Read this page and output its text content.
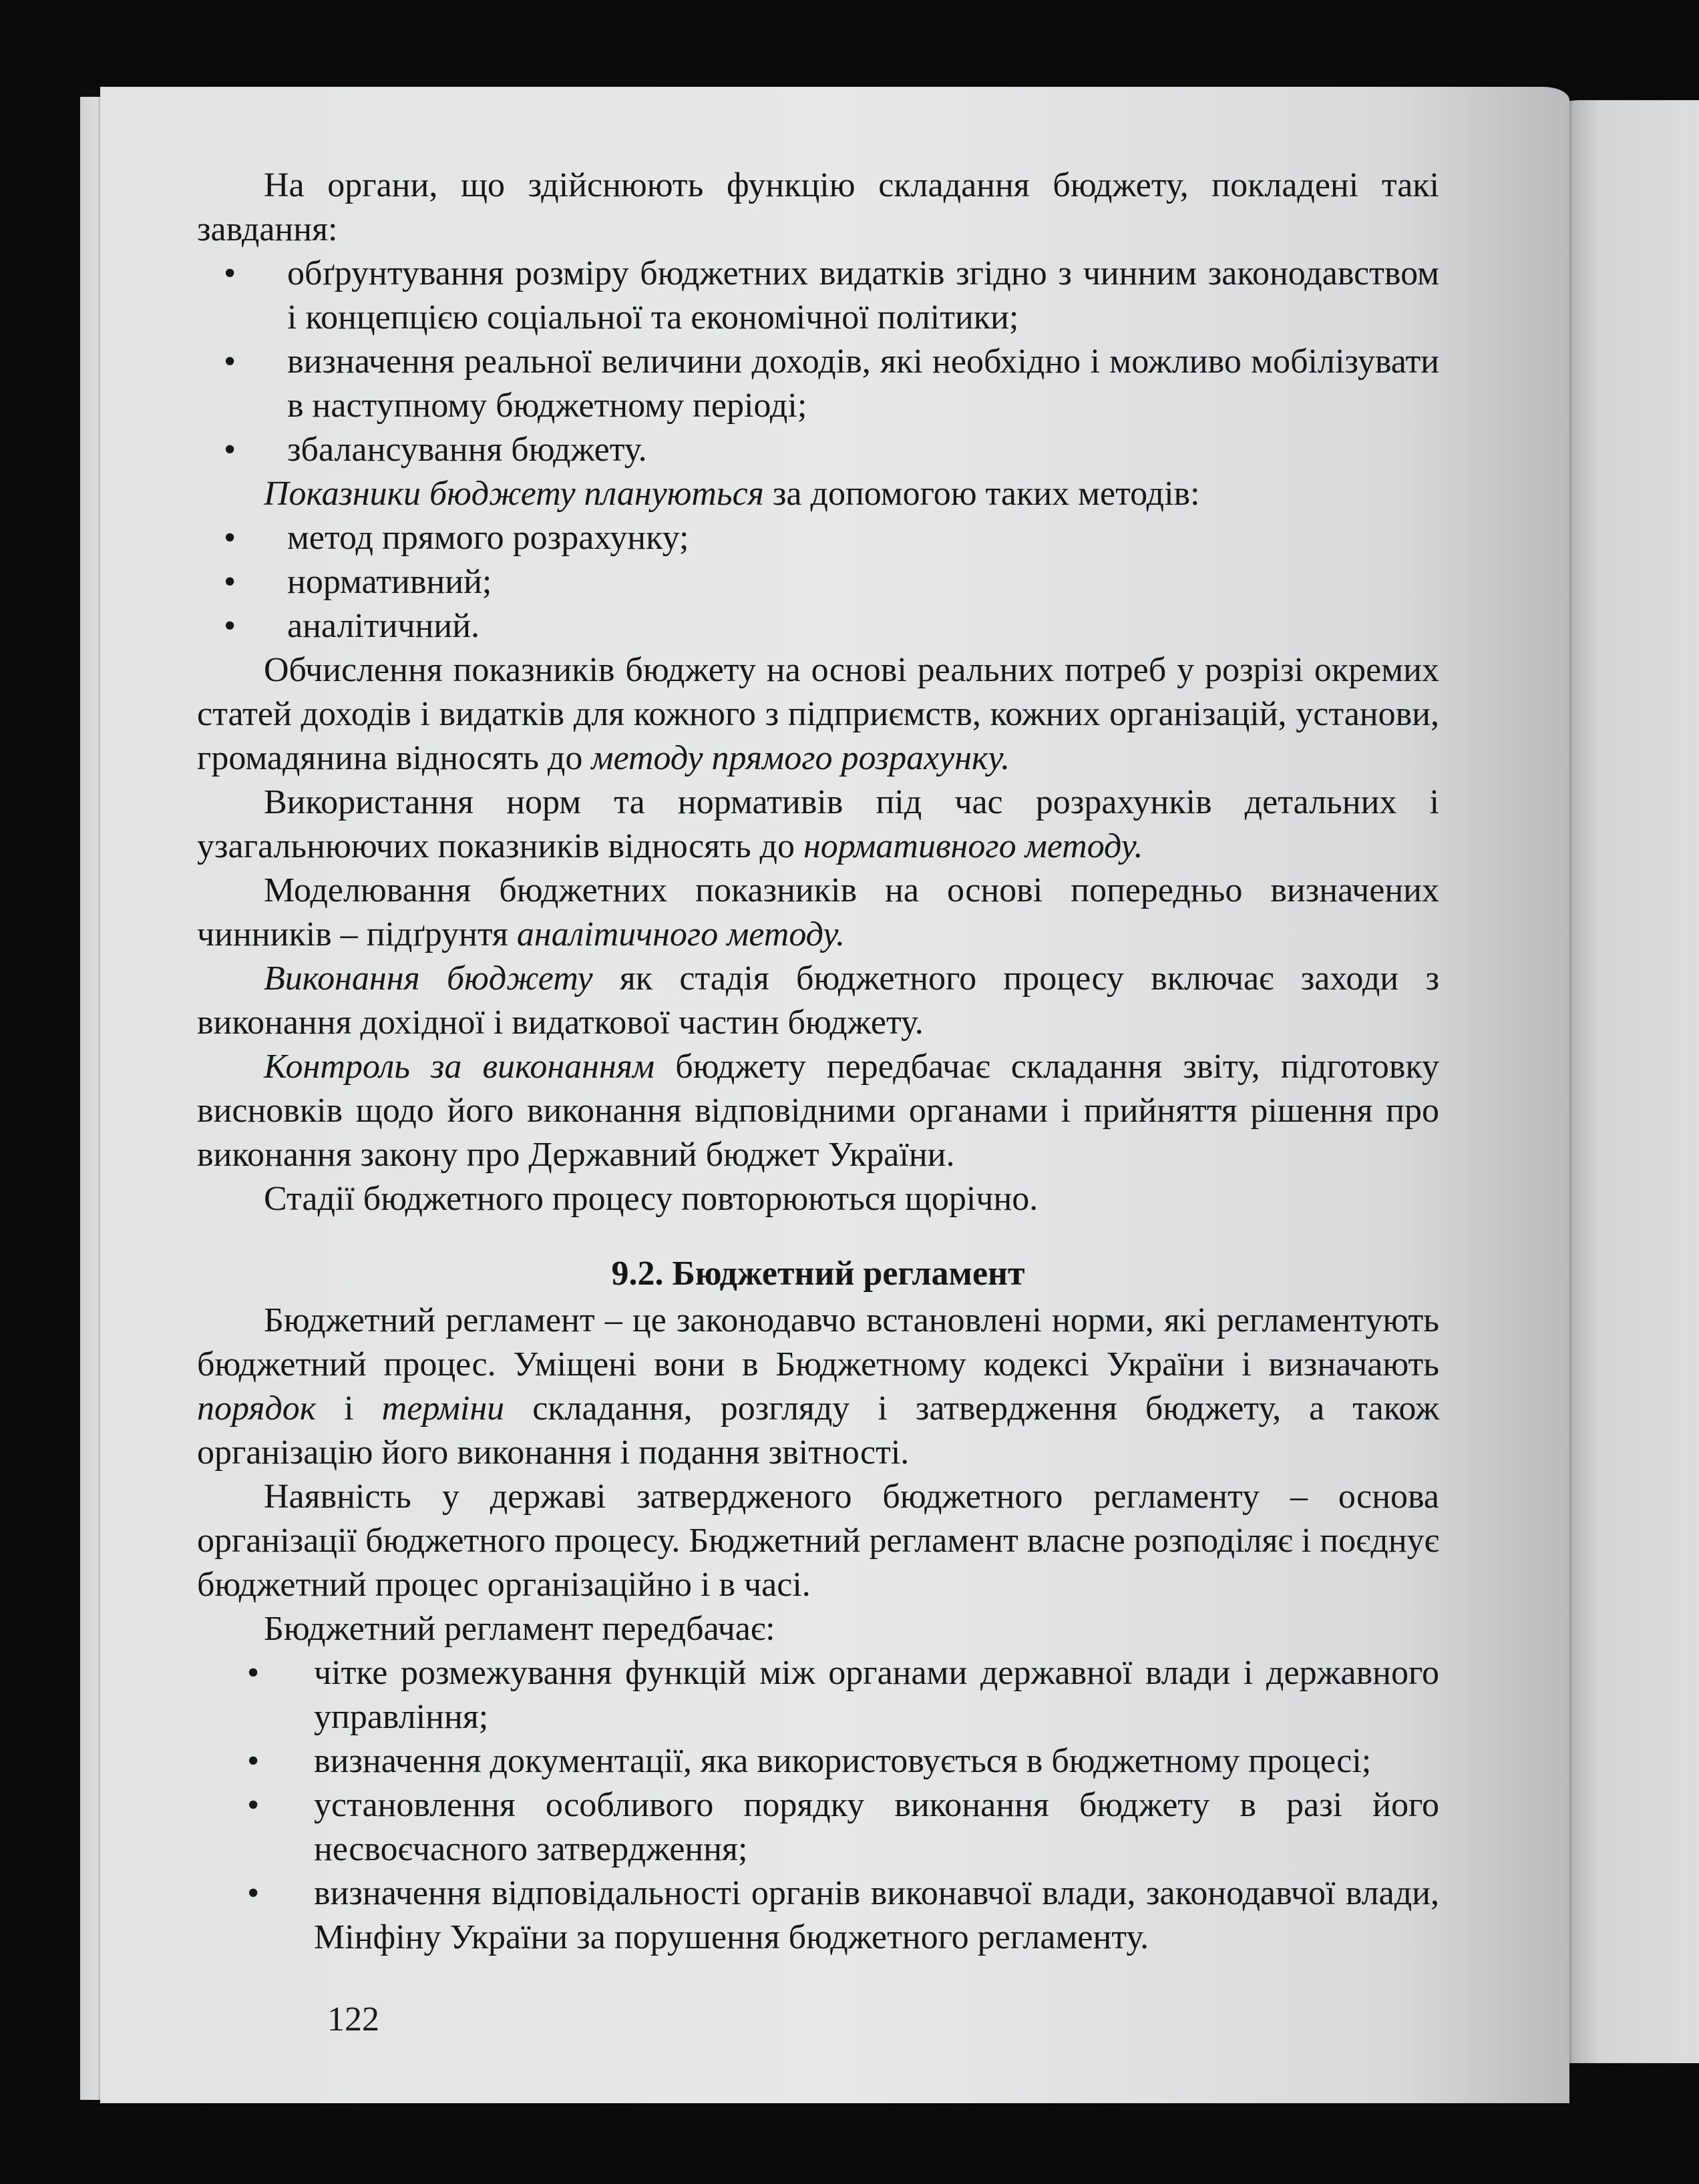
На органи, що здійснюють функцію складання бюджету, покладені такі завдання:

• обґрунтування розміру бюджетних видатків згідно з чинним законодавством і концепцією соціальної та економічної політики;
• визначення реальної величини доходів, які необхідно і можливо мобілізувати в наступному бюджетному періоді;
• збалансування бюджету.

Показники бюджету плануються за допомогою таких методів:

• метод прямого розрахунку;
• нормативний;
• аналітичний.

Обчислення показників бюджету на основі реальних потреб у розрізі окремих статей доходів і видатків для кожного з підприємств, кожних організацій, установи, громадянина відносять до методу прямого розрахунку.

Використання норм та нормативів під час розрахунків детальних і узагальнюючих показників відносять до нормативного методу.

Моделювання бюджетних показників на основі попередньо визначених чинників – підґрунтя аналітичного методу.

Виконання бюджету як стадія бюджетного процесу включає заходи з виконання дохідної і видаткової частин бюджету.

Контроль за виконанням бюджету передбачає складання звіту, підготовку висновків щодо його виконання відповідними органами і прийняття рішення про виконання закону про Державний бюджет України.

Стадії бюджетного процесу повторюються щорічно.

9.2. Бюджетний регламент

Бюджетний регламент – це законодавчо встановлені норми, які регламентують бюджетний процес. Уміщені вони в Бюджетному кодексі України і визначають порядок і терміни складання, розгляду і затвердження бюджету, а також організацію його виконання і подання звітності.

Наявність у державі затвердженого бюджетного регламенту – основа організації бюджетного процесу. Бюджетний регламент власне розподіляє і поєднує бюджетний процес організаційно і в часі.

Бюджетний регламент передбачає:

• чітке розмежування функцій між органами державної влади і державного управління;
• визначення документації, яка використовується в бюджетному процесі;
• установлення особливого порядку виконання бюджету в разі його несвоєчасного затвердження;
• визначення відповідальності органів виконавчої влади, законодавчої влади, Мінфіну України за порушення бюджетного регламенту.
122
